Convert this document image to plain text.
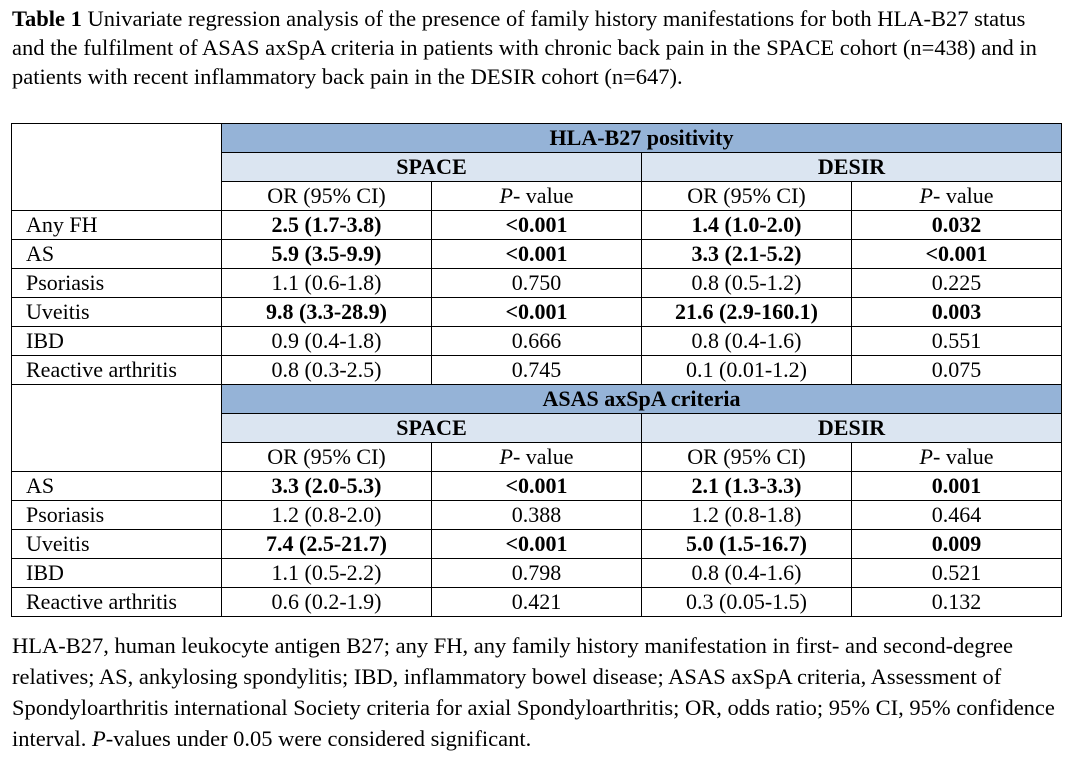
Table 1 Univariate regression analysis of the presence of family history manifestations for both HLA-B27 status and the fulfilment of ASAS axSpA criteria in patients with chronic back pain in the SPACE cohort (n=438) and in patients with recent inflammatory back pain in the DESIR cohort (n=647).
	HLA-B27 positivity			
	SPACE		DESIR	
	OR (95% CI)	P- value	OR (95% CI)	P- value
Any FH	2.5 (1.7-3.8)	<0.001	1.4 (1.0-2.0)	0.032
AS	5.9 (3.5-9.9)	<0.001	3.3 (2.1-5.2)	<0.001
Psoriasis	1.1 (0.6-1.8)	0.750	0.8 (0.5-1.2)	0.225
Uveitis	9.8 (3.3-28.9)	<0.001	21.6 (2.9-160.1)	0.003
IBD	0.9 (0.4-1.8)	0.666	0.8 (0.4-1.6)	0.551
Reactive arthritis	0.8 (0.3-2.5)	0.745	0.1 (0.01-1.2)	0.075
	ASAS axSpA criteria			
	SPACE		DESIR	
	OR (95% CI)	P- value	OR (95% CI)	P- value
AS	3.3 (2.0-5.3)	<0.001	2.1 (1.3-3.3)	0.001
Psoriasis	1.2 (0.8-2.0)	0.388	1.2 (0.8-1.8)	0.464
Uveitis	7.4 (2.5-21.7)	<0.001	5.0 (1.5-16.7)	0.009
IBD	1.1 (0.5-2.2)	0.798	0.8 (0.4-1.6)	0.521
Reactive arthritis	0.6 (0.2-1.9)	0.421	0.3 (0.05-1.5)	0.132
HLA-B27, human leukocyte antigen B27; any FH, any family history manifestation in first- and second-degree relatives; AS, ankylosing spondylitis; IBD, inflammatory bowel disease; ASAS axSpA criteria, Assessment of Spondyloarthritis international Society criteria for axial Spondyloarthritis; OR, odds ratio; 95% CI, 95% confidence interval. P-values under 0.05 were considered significant.
